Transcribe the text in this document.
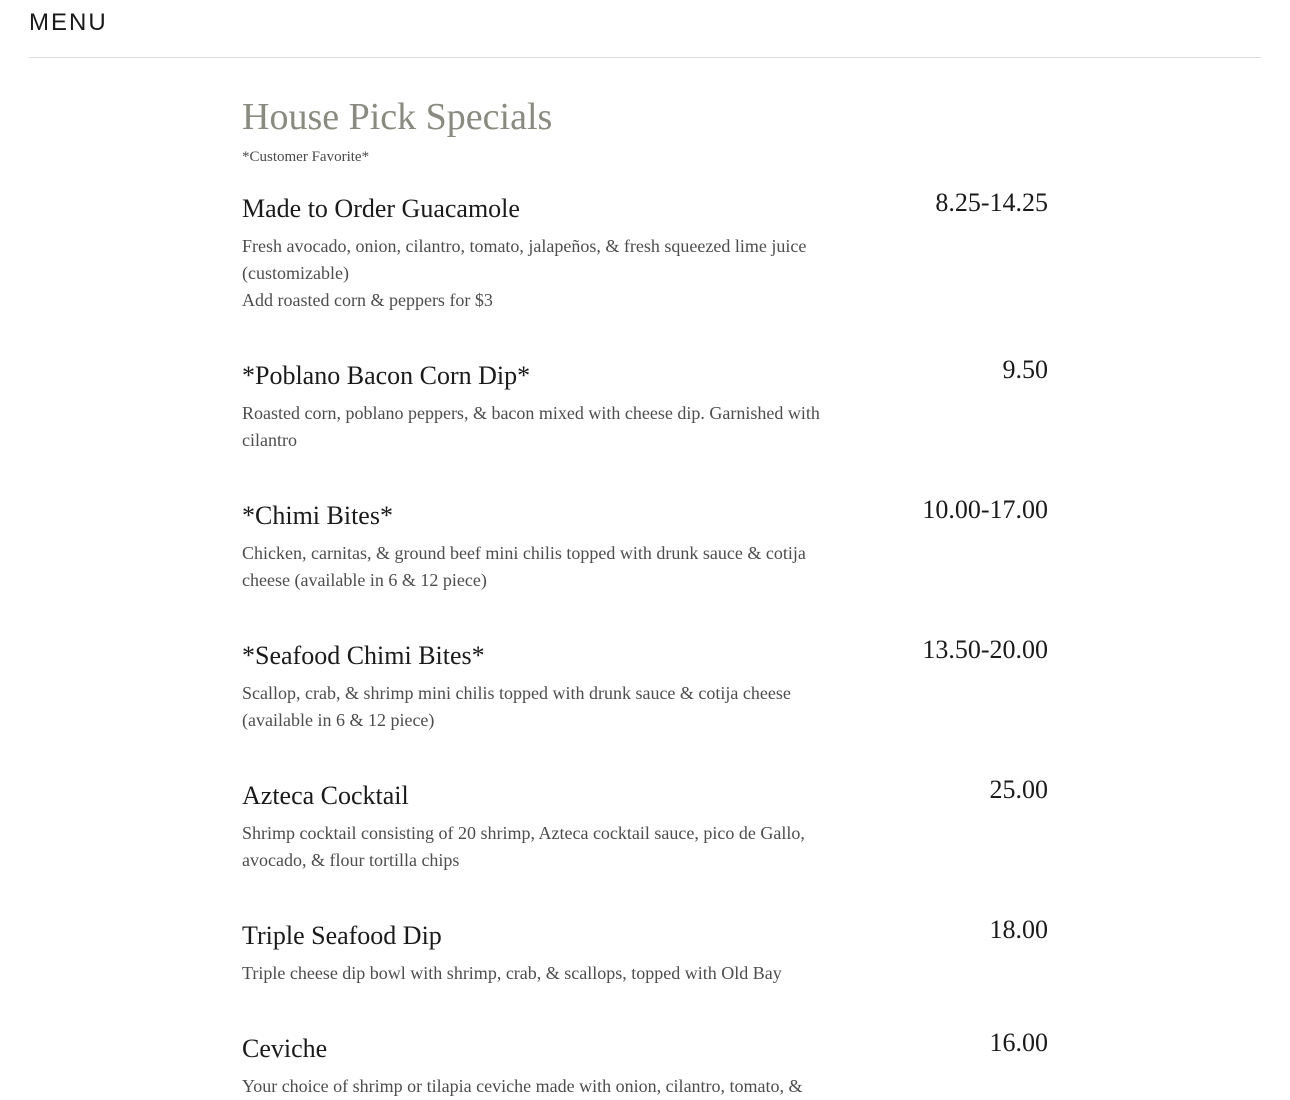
MENU
House Pick Specials
*Customer Favorite*
Made to Order Guacamole	8.25-14.25
Fresh avocado, onion, cilantro, tomato, jalapeños, & fresh squeezed lime juice (customizable)
Add roasted corn & peppers for $3
*Poblano Bacon Corn Dip*	9.50
Roasted corn, poblano peppers, & bacon mixed with cheese dip. Garnished with cilantro
*Chimi Bites*	10.00-17.00
Chicken, carnitas, & ground beef mini chilis topped with drunk sauce & cotija cheese (available in 6 & 12 piece)
*Seafood Chimi Bites*	13.50-20.00
Scallop, crab, & shrimp mini chilis topped with drunk sauce & cotija cheese (available in 6 & 12 piece)
Azteca Cocktail	25.00
Shrimp cocktail consisting of 20 shrimp, Azteca cocktail sauce, pico de Gallo, avocado, & flour tortilla chips
Triple Seafood Dip	18.00
Triple cheese dip bowl with shrimp, crab, & scallops, topped with Old Bay
Ceviche	16.00
Your choice of shrimp or tilapia ceviche made with onion, cilantro, tomato, &
